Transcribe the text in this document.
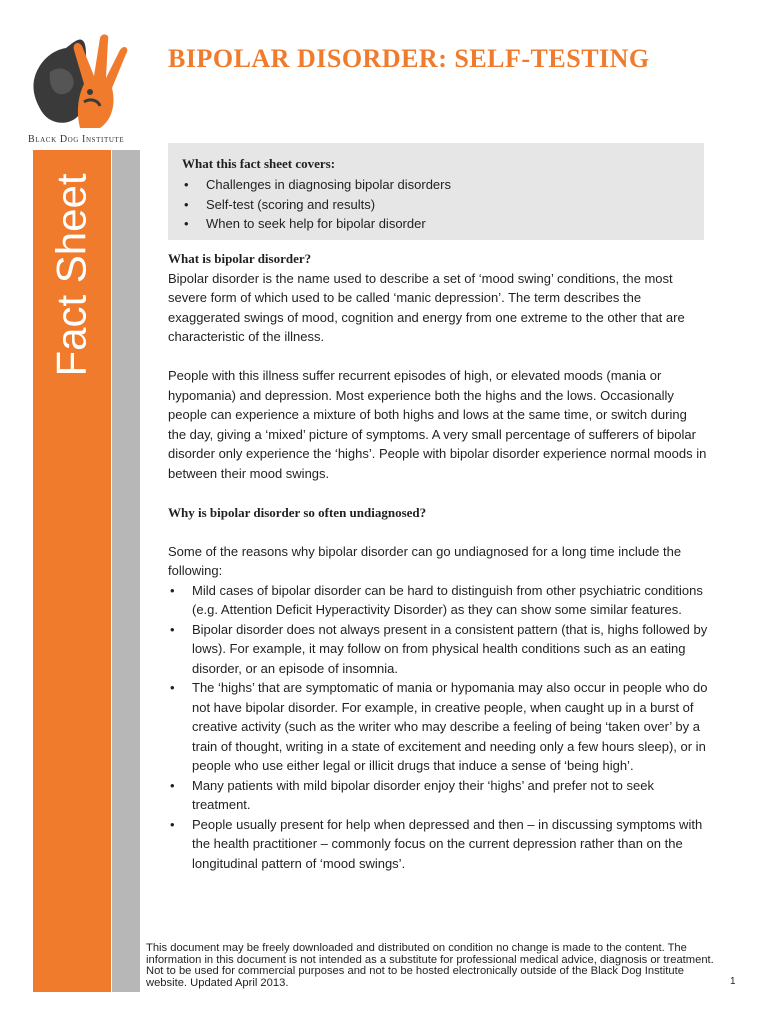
Black Dog Institute
Fact Sheet
BIPOLAR DISORDER: SELF-TESTING
What this fact sheet covers:
• Challenges in diagnosing bipolar disorders
• Self-test (scoring and results)
• When to seek help for bipolar disorder

What is bipolar disorder?

Bipolar disorder is the name used to describe a set of ‘mood swing’ conditions, the most severe form of which used to be called ‘manic depression’. The term describes the exaggerated swings of mood, cognition and energy from one extreme to the other that are characteristic of the illness.

People with this illness suffer recurrent episodes of high, or elevated moods (mania or hypomania) and depression. Most experience both the highs and the lows. Occasionally people can experience a mixture of both highs and lows at the same time, or switch during the day, giving a ‘mixed’ picture of symptoms. A very small percentage of sufferers of bipolar disorder only experience the ‘highs’. People with bipolar disorder experience normal moods in between their mood swings.

Why is bipolar disorder so often undiagnosed?

Some of the reasons why bipolar disorder can go undiagnosed for a long time include the following:

• Mild cases of bipolar disorder can be hard to distinguish from other psychiatric conditions (e.g. Attention Deficit Hyperactivity Disorder) as they can show some similar features.
• Bipolar disorder does not always present in a consistent pattern (that is, highs followed by lows). For example, it may follow on from physical health conditions such as an eating disorder, or an episode of insomnia.
• The ‘highs’ that are symptomatic of mania or hypomania may also occur in people who do not have bipolar disorder. For example, in creative people, when caught up in a burst of creative activity (such as the writer who may describe a feeling of being ‘taken over’ by a train of thought, writing in a state of excitement and needing only a few hours sleep), or in people who use either legal or illicit drugs that induce a sense of ‘being high’.
• Many patients with mild bipolar disorder enjoy their ‘highs’ and prefer not to seek treatment.
• People usually present for help when depressed and then – in discussing symptoms with the health practitioner – commonly focus on the current depression rather than on the longitudinal pattern of ‘mood swings’.
This document may be freely downloaded and distributed on condition no change is made to the content. The information in this document is not intended as a substitute for professional medical advice, diagnosis or treatment. Not to be used for commercial purposes and not to be hosted electronically outside of the Black Dog Institute website. Updated April 2013.	1
